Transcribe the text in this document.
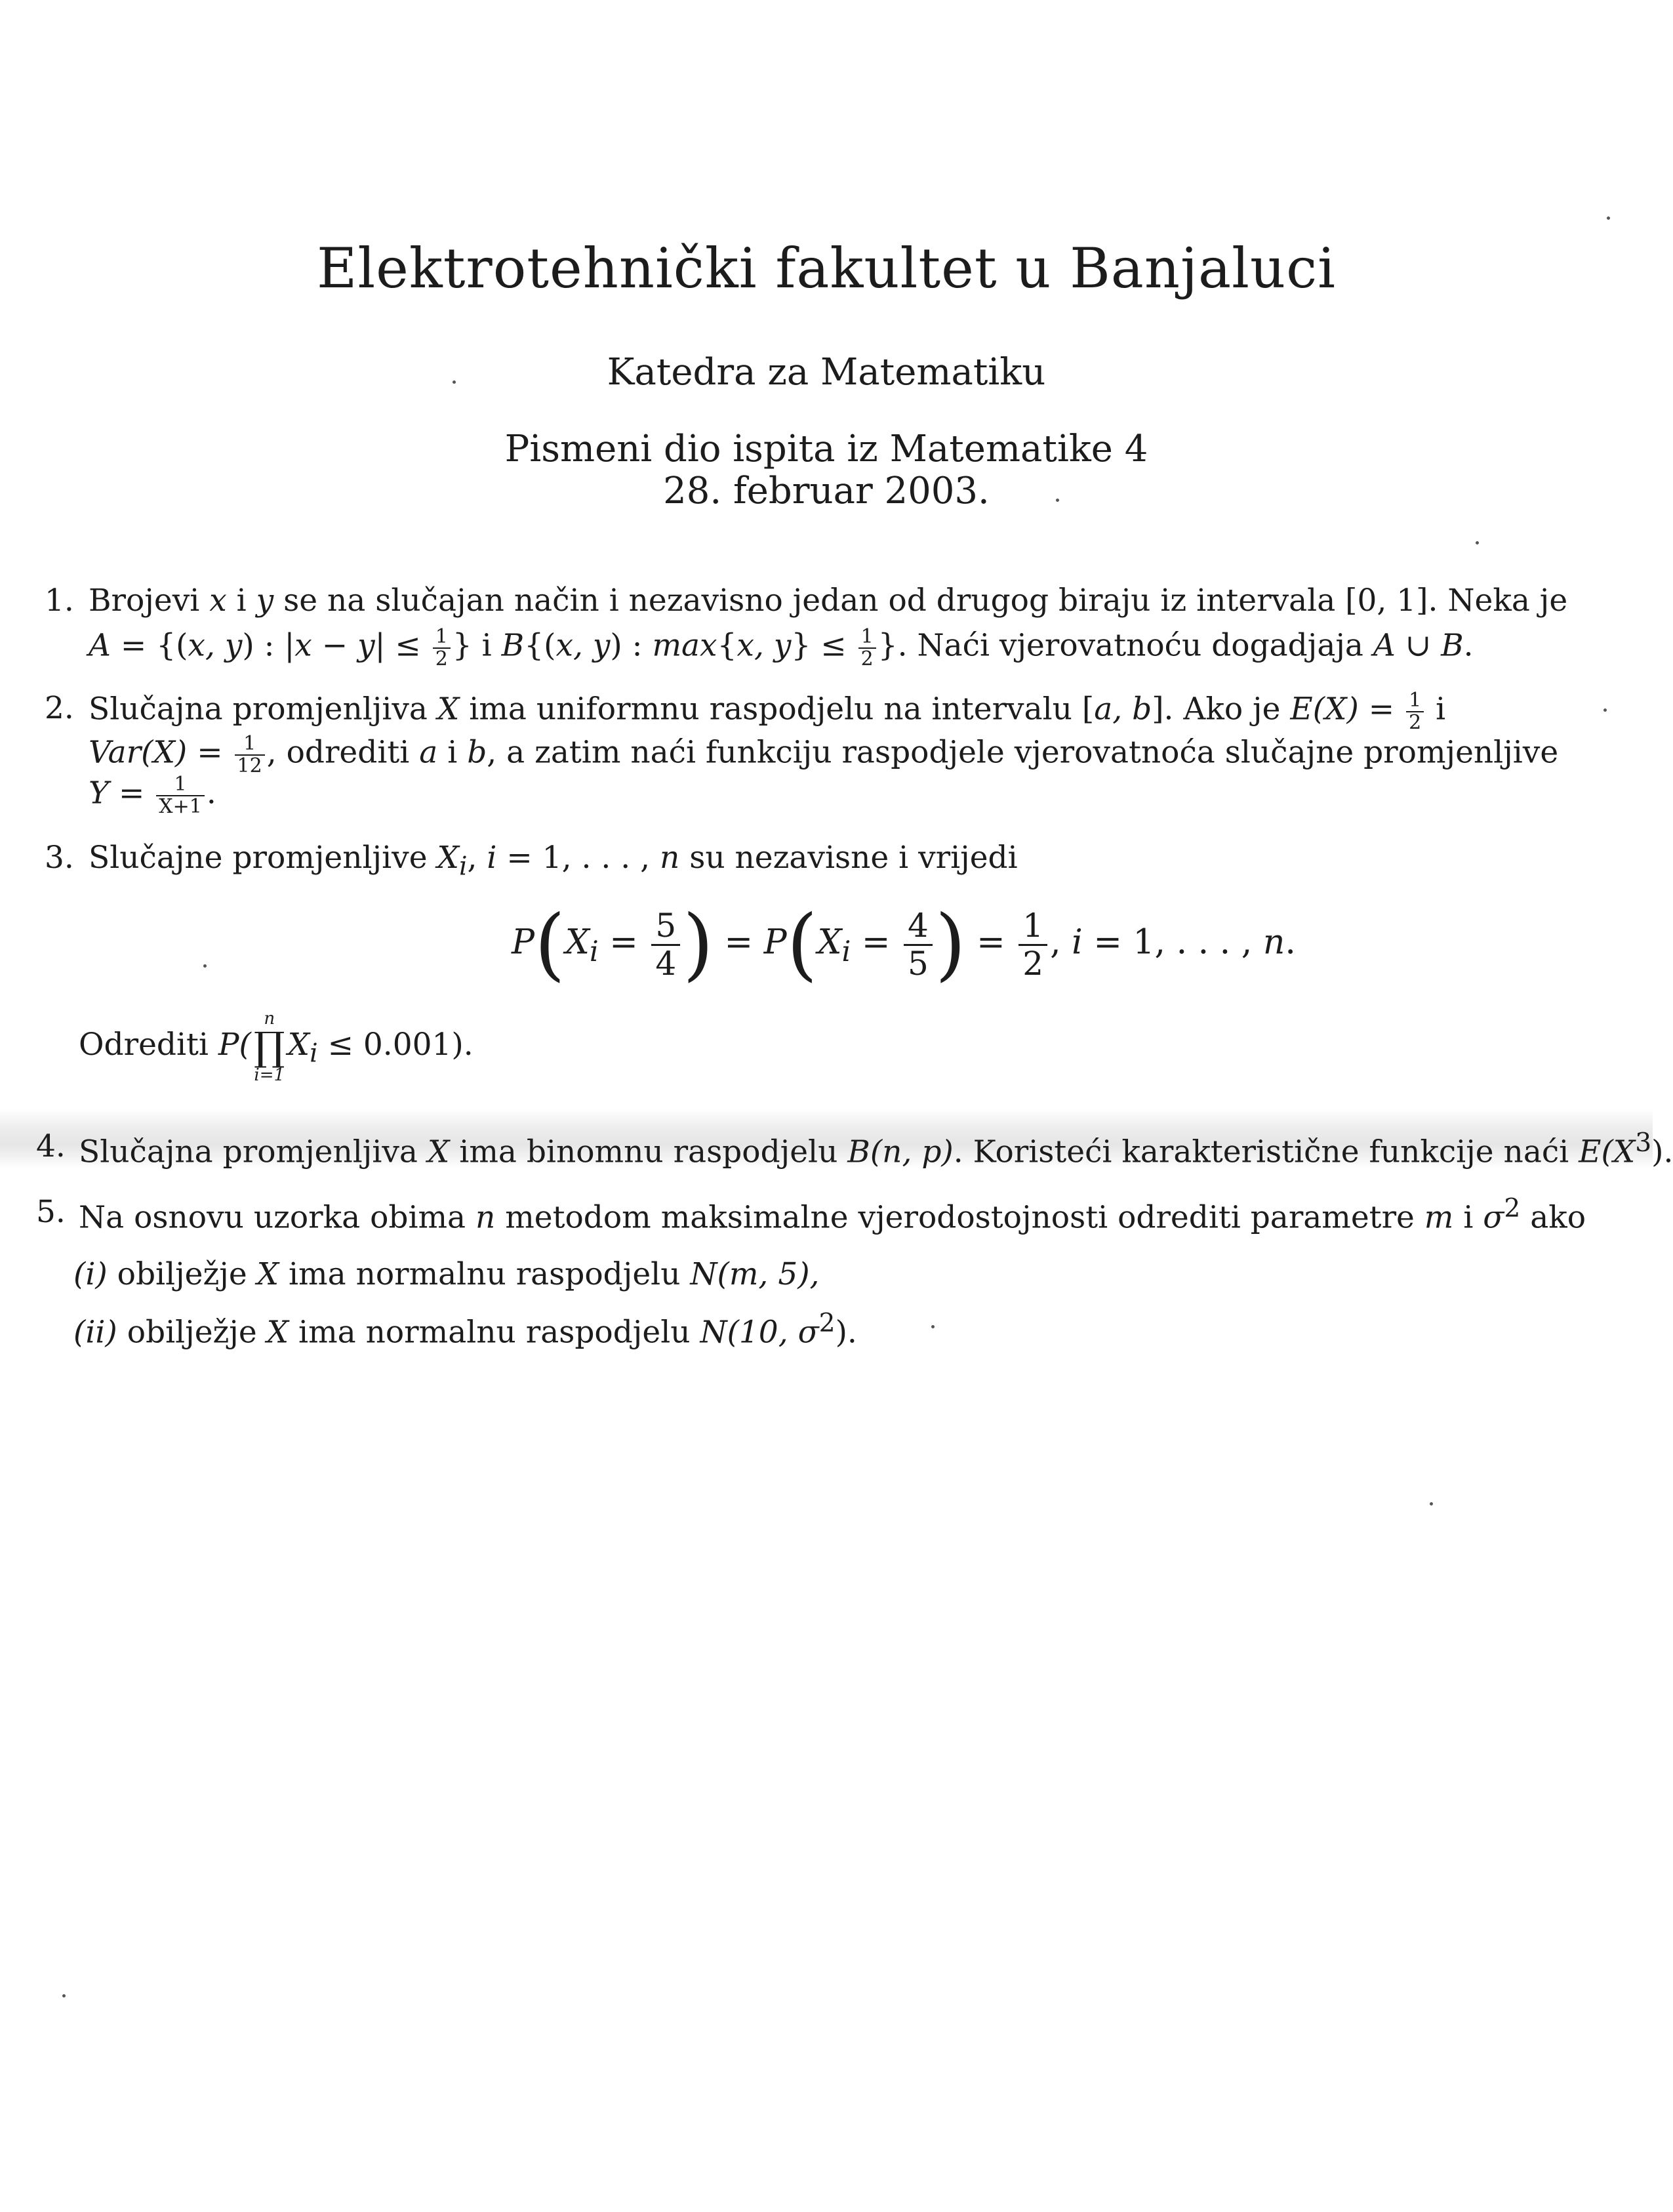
Elektrotehnički fakultet u Banjaluci
Katedra za Matematiku
Pismeni dio ispita iz Matematike 4
28. februar 2003.
1. Brojevi x i y se na slučajan način i nezavisno jedan od drugog biraju iz intervala [0, 1]. Neka je
A = {(x, y) : $|x - y| \le \frac{1}{2}$ } i B{(x, y) : max{x, $y\} \le \frac{1}{2}$ }. Naći vjerovatnoću dogadjaja A ∪ B.
2. Slučajna promjenljiva X ima uniformnu raspodjelu na intervalu [a, b]. Ako je $E(X) = \frac{1}{2}$ i
$Var(X) = \frac{1}{12}$ , odrediti a i b, a zatim naći funkciju raspodjele vjerovatnoća slučajne promjenljive
$Y = \frac{1}{X+1}$ .
3. Slučajne promjenljive $X_i$, i = 1, . . . , n su nezavisne i vrijedi
$P(X_i = \frac{5}{4}$ ) = $P(X_i = \frac{4}{5}$ ) = $\frac{1}{2}$ , i = 1, . . . , n.
Odrediti P(
n
∏
i=1
$X_i \le 0.001$).
4. Slučajna promjenljiva X ima binomnu raspodjelu B(n, p). Koristeći karakteristične funkcije naći $E(X^3)$.
5. Na osnovu uzorka obima n metodom maksimalne vjerodostojnosti odrediti parametre m i $\sigma^2$ ako
(i) obilježje X ima normalnu raspodjelu N(m, 5),
(ii) obilježje X ima normalnu raspodjelu N(10, $\sigma^2$).
